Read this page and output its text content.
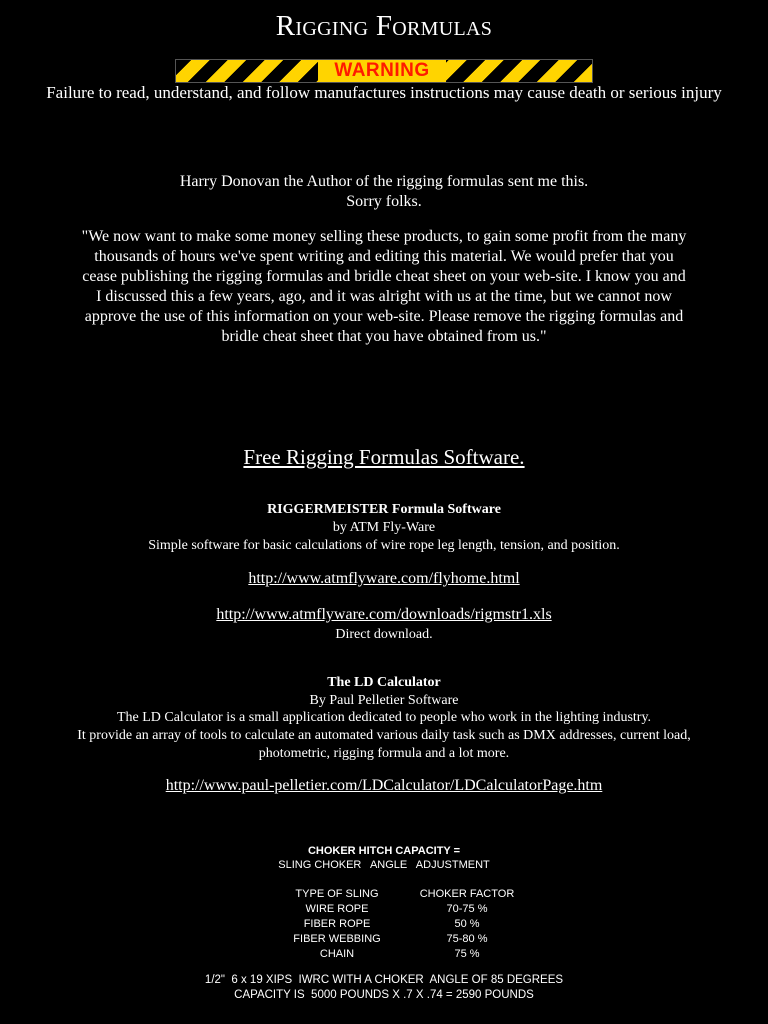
Rigging Formulas
WARNING
Failure to read, understand, and follow manufactures instructions may cause death or serious injury
Harry Donovan the Author of the rigging formulas sent me this.
Sorry folks.
"We now want to make some money selling these products, to gain some profit from the many thousands of hours we've spent writing and editing this material. We would prefer that you cease publishing the rigging formulas and bridle cheat sheet on your web-site. I know you and I discussed this a few years, ago, and it was alright with us at the time, but we cannot now approve the use of this information on your web-site. Please remove the rigging formulas and bridle cheat sheet that you have obtained from us."
Free Rigging Formulas Software.
RIGGERMEISTER Formula Software
by ATM Fly-Ware
Simple software for basic calculations of wire rope leg length, tension, and position.
http://www.atmflyware.com/flyhome.html
http://www.atmflyware.com/downloads/rigmstr1.xls
Direct download.
The LD Calculator
By Paul Pelletier Software
The LD Calculator is a small application dedicated to people who work in the lighting industry.
It provide an array of tools to calculate an automated various daily task such as DMX addresses, current load, photometric, rigging formula and a lot more.
http://www.paul-pelletier.com/LDCalculator/LDCalculatorPage.htm
CHOKER HITCH CAPACITY =
SLING CHOKER   ANGLE   ADJUSTMENT
TYPE OF SLING	CHOKER FACTOR
WIRE ROPE	70-75 %
FIBER ROPE	50 %
FIBER WEBBING	75-80 %
CHAIN	75 %
1/2"  6 x 19 XIPS  IWRC WITH A CHOKER  ANGLE OF 85 DEGREES
CAPACITY IS  5000 POUNDS X .7 X .74 = 2590 POUNDS
